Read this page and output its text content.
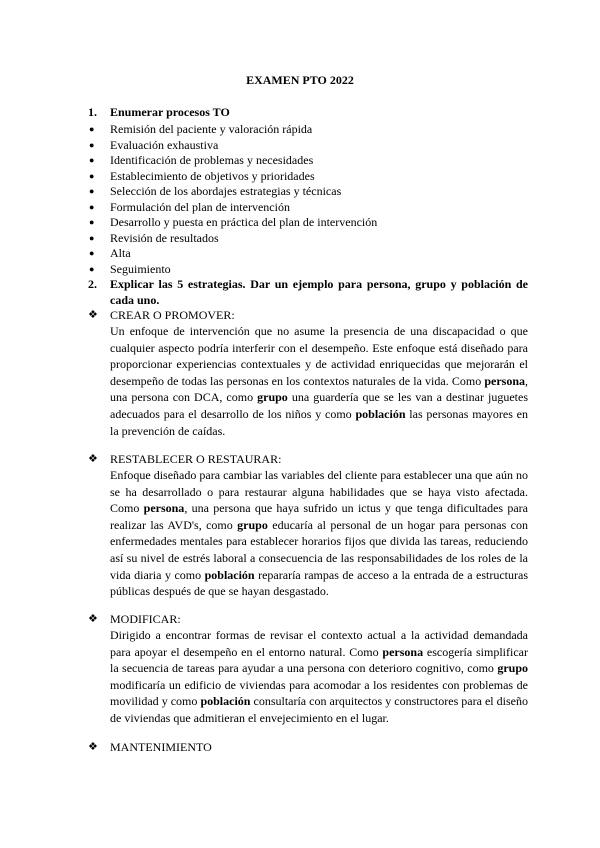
EXAMEN PTO 2022
1. Enumerar procesos TO
● Remisión del paciente y valoración rápida
● Evaluación exhaustiva
● Identificación de problemas y necesidades
● Establecimiento de objetivos y prioridades
● Selección de los abordajes estrategias y técnicas
● Formulación del plan de intervención
● Desarrollo y puesta en práctica del plan de intervención
● Revisión de resultados
● Alta
● Seguimiento
2. Explicar las 5 estrategias. Dar un ejemplo para persona, grupo y población de cada uno.
❖ CREAR O PROMOVER:
Un enfoque de intervención que no asume la presencia de una discapacidad o que cualquier aspecto podría interferir con el desempeño. Este enfoque está diseñado para proporcionar experiencias contextuales y de actividad enriquecidas que mejorarán el desempeño de todas las personas en los contextos naturales de la vida. Como persona, una persona con DCA, como grupo una guardería que se les van a destinar juguetes adecuados para el desarrollo de los niños y como población las personas mayores en la prevención de caídas.
❖ RESTABLECER O RESTAURAR:
Enfoque diseñado para cambiar las variables del cliente para establecer una que aún no se ha desarrollado o para restaurar alguna habilidades que se haya visto afectada. Como persona, una persona que haya sufrido un ictus y que tenga dificultades para realizar las AVD's, como grupo educaría al personal de un hogar para personas con enfermedades mentales para establecer horarios fijos que divida las tareas, reduciendo así su nivel de estrés laboral a consecuencia de las responsabilidades de los roles de la vida diaria y como población repararía rampas de acceso a la entrada de a estructuras públicas después de que se hayan desgastado.
❖ MODIFICAR:
Dirigido a encontrar formas de revisar el contexto actual a la actividad demandada para apoyar el desempeño en el entorno natural. Como persona escogería simplificar la secuencia de tareas para ayudar a una persona con deterioro cognitivo, como grupo modificaría un edificio de viviendas para acomodar a los residentes con problemas de movilidad y como población consultaría con arquitectos y constructores para el diseño de viviendas que admitieran el envejecimiento en el lugar.
❖ MANTENIMIENTO
